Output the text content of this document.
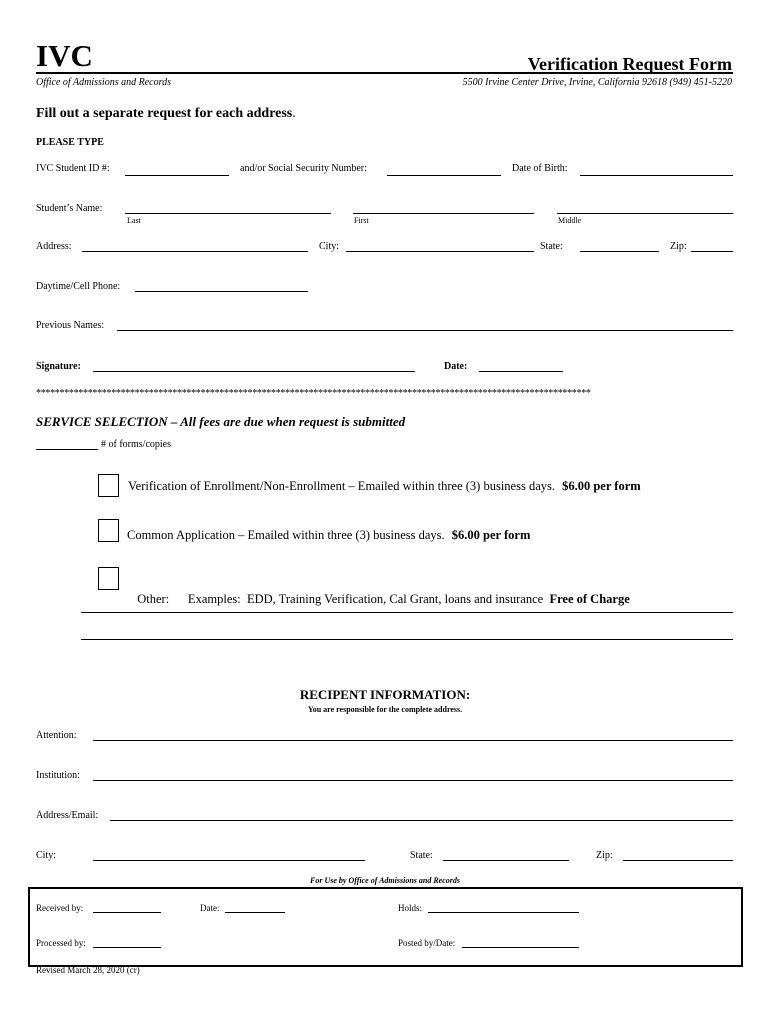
IVC	Verification Request Form
Office of Admissions and Records	5500 Irvine Center Drive, Irvine, California 92618 (949) 451-5220
Fill out a separate request for each address.
PLEASE TYPE
IVC Student ID #:	and/or Social Security Number:	Date of Birth:
Student’s Name:
Last	First	Middle
Address:	City:	State:	Zip:
Daytime/Cell Phone:
Previous Names:
Signature:	Date:
**********************************************************************************************************************
SERVICE SELECTION – All fees are due when request is submitted
# of forms/copies
Verification of Enrollment/Non-Enrollment – Emailed within three (3) business days. $6.00 per form
Common Application – Emailed within three (3) business days. $6.00 per form

Other:      Examples:  EDD, Training Verification, Cal Grant, loans and insurance Free of Charge

RECIPENT INFORMATION:
You are responsible for the complete address.
Attention:
Institution:
Address/Email:
City:	State:	Zip:
For Use by Office of Admissions and Records
Received by:	Date:	Holds:
Processed by:	Posted by/Date:
Revised March 28, 2020 (cr)
